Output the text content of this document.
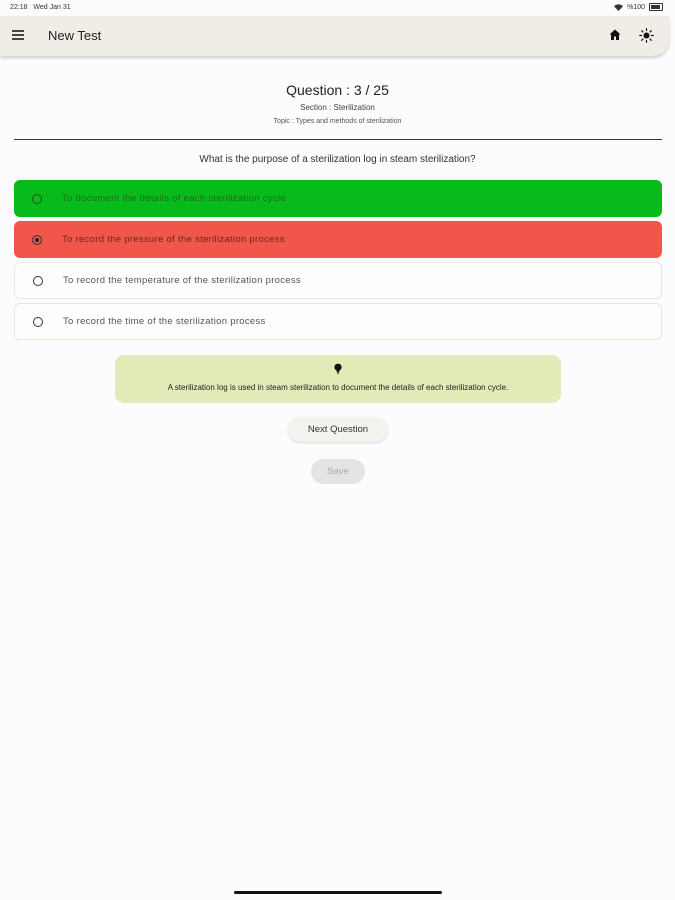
22:18 Wed Jan 31	%100
New Test
Question : 3 / 25
Section : Sterilization
Topic : Types and methods of sterilization
What is the purpose of a sterilization log in steam sterilization?
To document the details of each sterilization cycle
To record the pressure of the sterilization process
To record the temperature of the sterilization process
To record the time of the sterilization process
A sterilization log is used in steam sterilization to document the details of each sterilization cycle.
Next Question
Save
